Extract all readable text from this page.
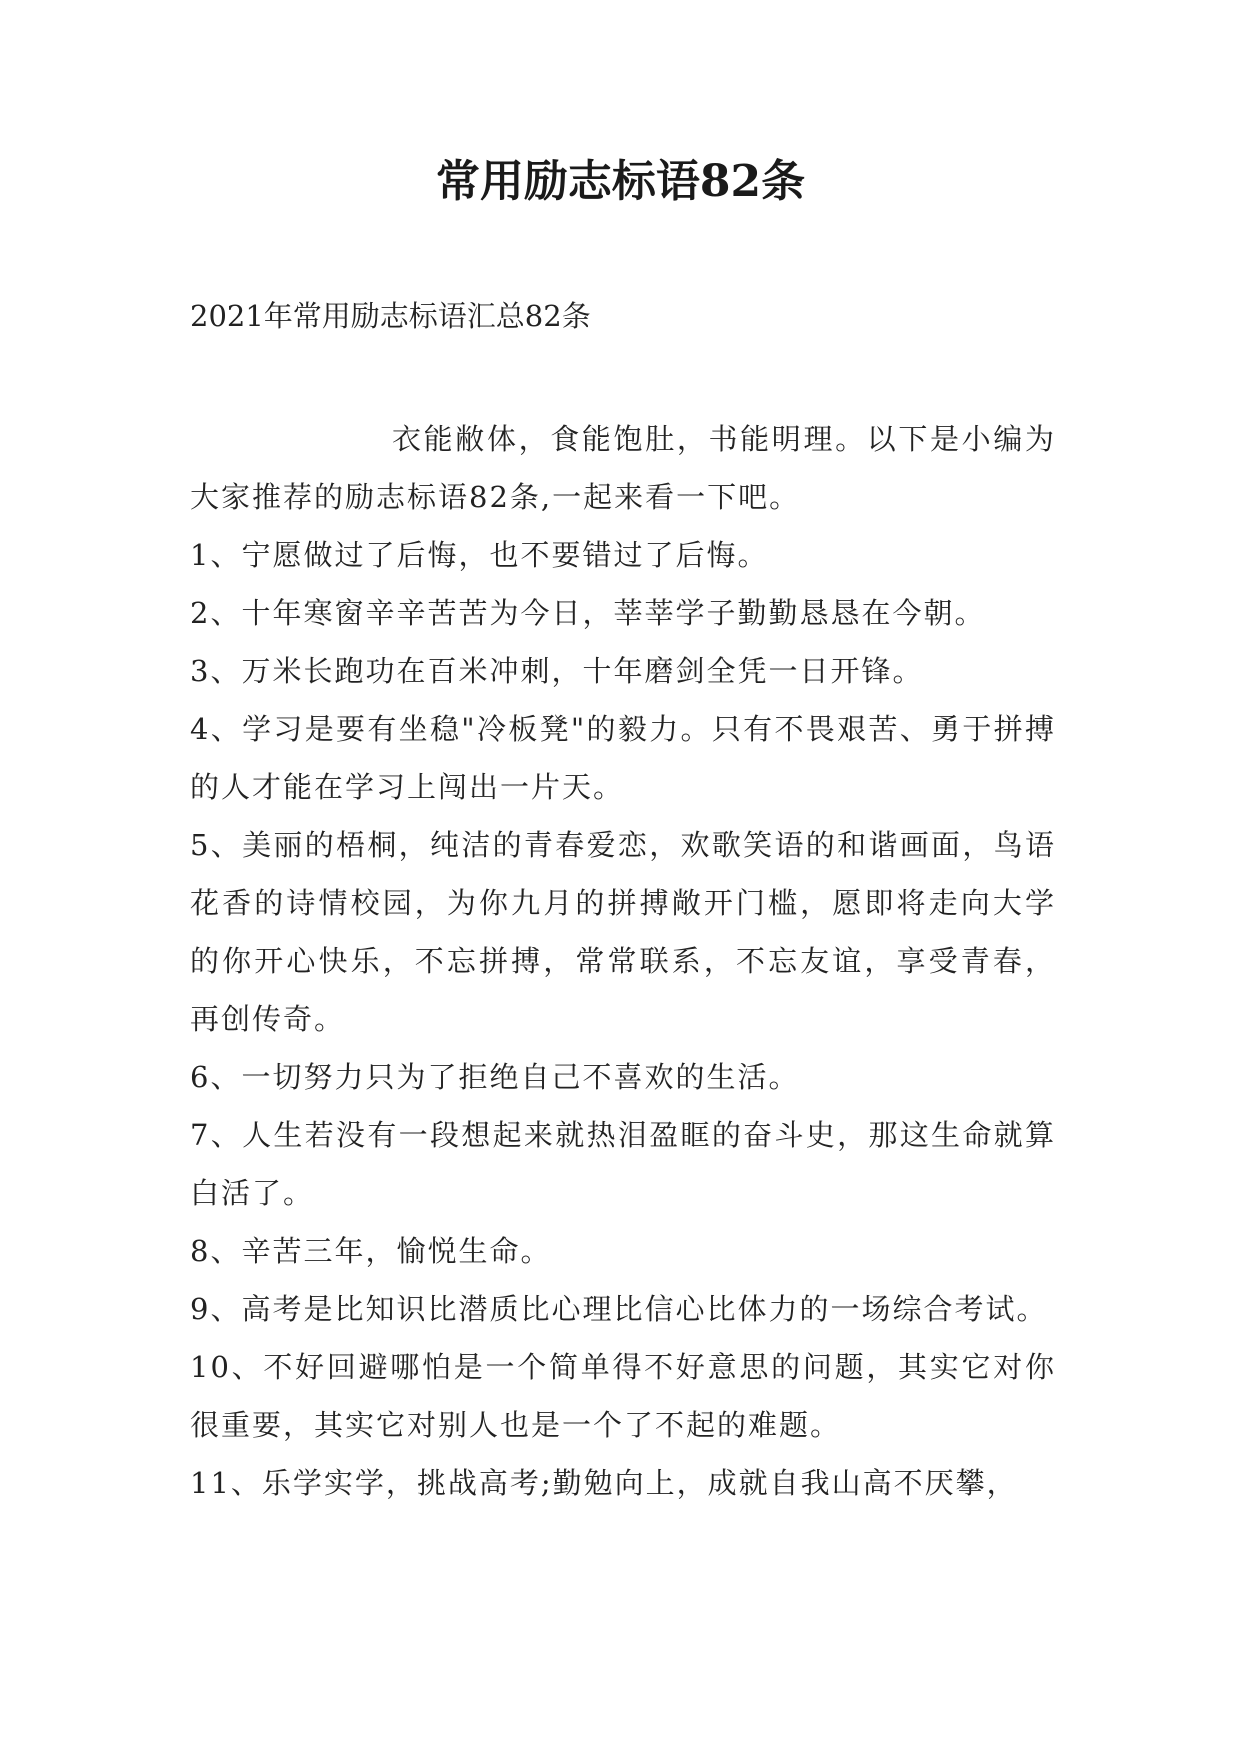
常用励志标语82条
2021年常用励志标语汇总82条

衣能敝体，食能饱肚，书能明理。以下是小编为大家推荐的励志标语82条,一起来看一下吧。

1、宁愿做过了后悔，也不要错过了后悔。

2、十年寒窗辛辛苦苦为今日，莘莘学子勤勤恳恳在今朝。

3、万米长跑功在百米冲刺，十年磨剑全凭一日开锋。

4、学习是要有坐稳"冷板凳"的毅力。只有不畏艰苦、勇于拼搏的人才能在学习上闯出一片天。

5、美丽的梧桐，纯洁的青春爱恋，欢歌笑语的和谐画面，鸟语花香的诗情校园，为你九月的拼搏敞开门槛，愿即将走向大学的你开心快乐，不忘拼搏，常常联系，不忘友谊，享受青春，再创传奇。

6、一切努力只为了拒绝自己不喜欢的生活。

7、人生若没有一段想起来就热泪盈眶的奋斗史，那这生命就算白活了。

8、辛苦三年，愉悦生命。

9、高考是比知识比潜质比心理比信心比体力的一场综合考试。

10、不好回避哪怕是一个简单得不好意思的问题，其实它对你很重要，其实它对别人也是一个了不起的难题。

11、乐学实学，挑战高考;勤勉向上，成就自我山高不厌攀，
